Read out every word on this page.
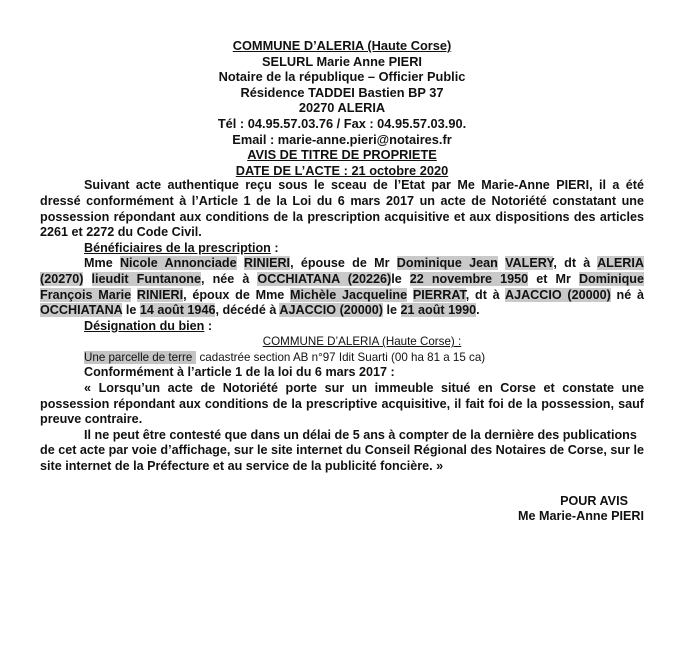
COMMUNE D’ALERIA (Haute Corse)
SELURL Marie Anne PIERI
Notaire de la république – Officier Public
Résidence TADDEI Bastien BP 37
20270 ALERIA
Tél : 04.95.57.03.76 / Fax : 04.95.57.03.90.
Email : marie-anne.pieri@notaires.fr
AVIS DE TITRE DE PROPRIETE
DATE DE L’ACTE : 21 octobre 2020
Suivant acte authentique reçu sous le sceau de l’Etat par Me Marie-Anne PIERI, il a été dressé conformément à l’Article 1 de la Loi du 6 mars 2017 un acte de Notoriété constatant une possession répondant aux conditions de la prescription acquisitive et aux dispositions des articles 2261 et 2272 du Code Civil.
Bénéficiaires de la prescription :
Mme Nicole Annonciade RINIERI, épouse de Mr Dominique Jean VALERY, dt à ALERIA (20270) lieudit Funtanone, née à OCCHIATANA (20226)le 22 novembre 1950 et Mr Dominique François Marie RINIERI, époux de Mme Michèle Jacqueline PIERRAT, dt à AJACCIO (20000) né à OCCHIATANA le 14 août 1946, décédé à AJACCIO (20000) le 21 août 1990.
Désignation du bien :
COMMUNE D’ALERIA (Haute Corse) :
Une parcelle de terre cadastrée section AB n°97 Idit Suarti (00 ha 81 a 15 ca)
Conformément à l’article 1 de la loi du 6 mars 2017 :
« Lorsqu’un acte de Notoriété porte sur un immeuble situé en Corse et constate une possession répondant aux conditions de la prescriptive acquisitive, il fait foi de la possession, sauf preuve contraire.
Il ne peut être contesté que dans un délai de 5 ans à compter de la dernière des publications de cet acte par voie d’affichage, sur le site internet du Conseil Régional des Notaires de Corse, sur le site internet de la Préfecture et au service de la publicité foncière. »
POUR AVIS
Me Marie-Anne PIERI
